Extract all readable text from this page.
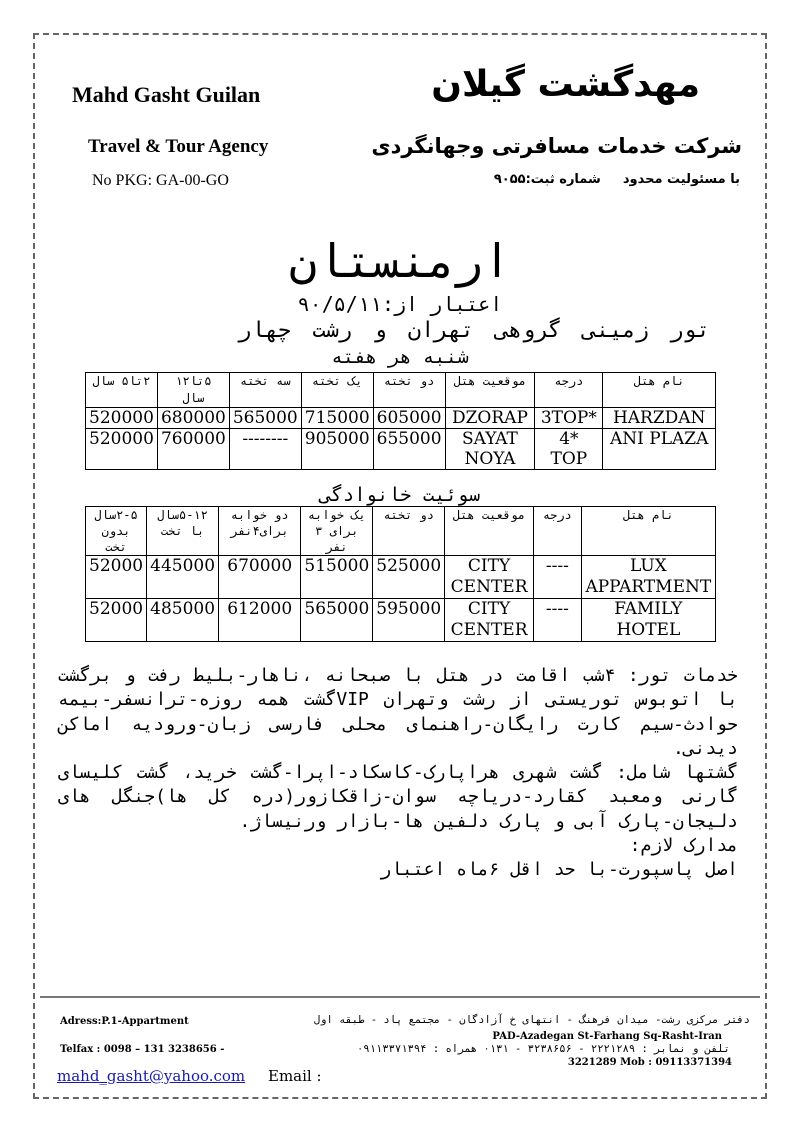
Mahd Gasht Guilan
Travel & Tour Agency
No PKG: GA-00-GO
مهدگشت گیلان
شرکت خدمات مسافرتی وجهانگردی
با مسئولیت محدودشماره ثبت:۹۰۵۵
ارمنستان
اعتبار از:۹۰/۵/۱۱
تور زمینی گروهی تهران و رشت چهار
شنبه هر هفته
نام هتل	درجه	موقعیت هتل	دو تخته	یک تخته	سه تخته	۵تا۱۲ سال	۲تا۵ سال
HARZDAN	*3TOP	DZORAP	605000	715000	565000	680000	520000
ANI PLAZA	*4 TOP	SAYAT NOYA	655000	905000	--------	760000	520000
سوئیت خانوادگی
نام هتل	درجه	موقعیت هتل	دو تخته	یک خوابه برای ۳ نفر	دو خوابه برای۴نفر	۵-۱۲سال با تخت	۲-۵سال بدون تخت
LUX APPARTMENT	----	CITY CENTER	525000	515000	670000	445000	52000
FAMILY HOTEL	----	CITY CENTER	595000	565000	612000	485000	52000

خدمات تور: ۴شب اقامت در هتل با صبحانه ،ناهار-بلیط رفت و برگشت با اتوبوس توریستی از رشت وتهران VIPگشت همه روزه-ترانسفر-بیمه حوادث-سیم کارت رایگان-راهنمای محلی فارسی زبان-ورودیه اماکن دیدنی.

گشتها شامل: گشت شهری هراپارک-کاسکاد-اپرا-گشت خرید، گشت کلیسای گارنی ومعبد کقارد-دریاچه سوان-زاقکازور(دره کل ها)جنگل های دلیجان-پارک آبی و پارک دلفین ها-بازار ورنیساژ.

مدارک لازم:

اصل پاسپورت-با حد اقل ۶ماه اعتبار

دفتر مرکزی رشت- میدان فرهنگ - انتهای خ آزادگان - مجتمع پاد - طبقه اول
Adress:P.1-Appartment
PAD-Azadegan St-Farhang Sq-Rasht-Iran
تلفن و نمابر : ۲۲۲۱۲۸۹ - ۳۲۳۸۶۵۶ - ۰۱۳۱ همراه : ۰۹۱۱۳۳۷۱۳۹۴
Telfax : 0098 – 131 3238656 -
3221289 Mob : 09113371394
mahd_gasht@yahoo.com Email :
